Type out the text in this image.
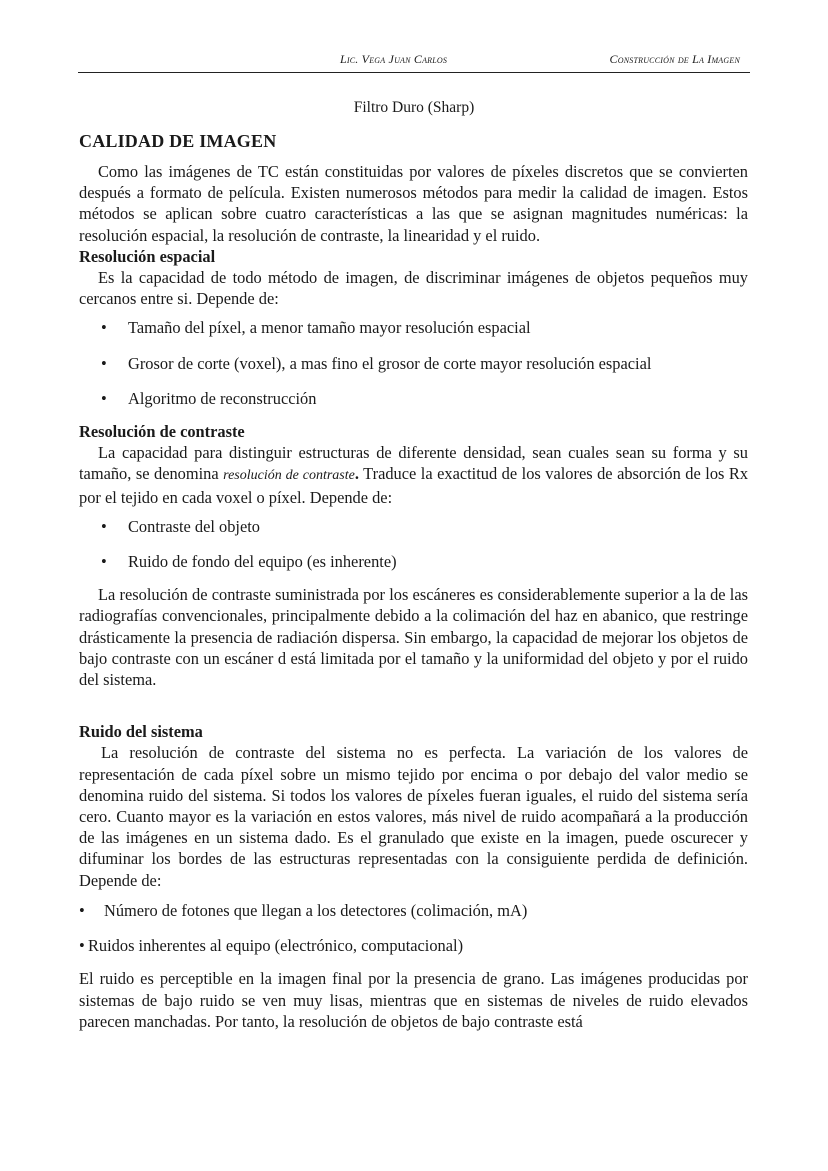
Lic. Vega Juan Carlos	Construcción de La Imagen
Filtro Duro (Sharp)
CALIDAD DE IMAGEN

Como las imágenes de TC están constituidas por valores de píxeles discretos que se convierten después a formato de película. Existen numerosos métodos para medir la calidad de imagen. Estos métodos se aplican sobre cuatro características a las que se asignan magnitudes numéricas: la resolución espacial, la resolución de contraste, la linearidad y el ruido.

Resolución espacial

Es la capacidad de todo método de imagen, de discriminar imágenes de objetos pequeños muy cercanos entre si. Depende de:

• Tamaño del píxel, a menor tamaño mayor resolución espacial
• Grosor de corte (voxel), a mas fino el grosor de corte mayor resolución espacial
• Algoritmo de reconstrucción
Resolución de contraste

La capacidad para distinguir estructuras de diferente densidad, sean cuales sean su forma y su tamaño, se denomina resolución de contraste. Traduce la exactitud de los valores de absorción de los Rx por el tejido en cada voxel o píxel. Depende de:

• Contraste del objeto
• Ruido de fondo del equipo (es inherente)

La resolución de contraste suministrada por los escáneres es considerablemente superior a la de las radiografías convencionales, principalmente debido a la colimación del haz en abanico, que restringe drásticamente la presencia de radiación dispersa. Sin embargo, la capacidad de mejorar los objetos de bajo contraste con un escáner d está limitada por el tamaño y la uniformidad del objeto y por el ruido del sistema.

Ruido del sistema

La resolución de contraste del sistema no es perfecta. La variación de los valores de representación de cada píxel sobre un mismo tejido por encima o por debajo del valor medio se denomina ruido del sistema. Si todos los valores de píxeles fueran iguales, el ruido del sistema sería cero. Cuanto mayor es la variación en estos valores, más nivel de ruido acompañará a la producción de las imágenes en un sistema dado. Es el granulado que existe en la imagen, puede oscurecer y difuminar los bordes de las estructuras representadas con la consiguiente perdida de definición. Depende de:

• Número de fotones que llegan a los detectores (colimación, mA)
• Ruidos inherentes al equipo (electrónico, computacional)

El ruido es perceptible en la imagen final por la presencia de grano. Las imágenes producidas por sistemas de bajo ruido se ven muy lisas, mientras que en sistemas de niveles de ruido elevados parecen manchadas. Por tanto, la resolución de objetos de bajo contraste está
